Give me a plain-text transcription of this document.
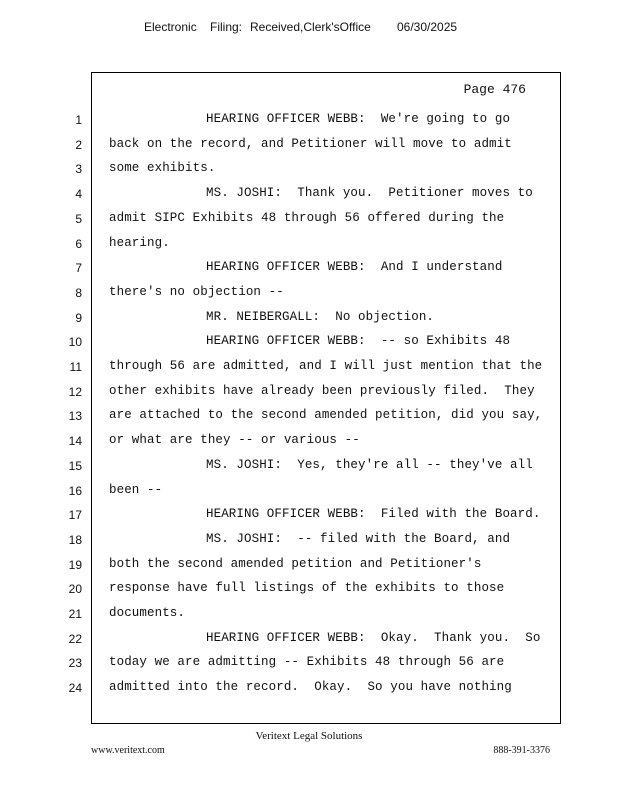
Electronic Filing: Received,Clerk'sOffice 06/30/2025
Page 476
1	HEARING OFFICER WEBB:  We're going to go
2 back on the record, and Petitioner will move to admit
3 some exhibits.
4	MS. JOSHI:  Thank you.  Petitioner moves to
5 admit SIPC Exhibits 48 through 56 offered during the
6 hearing.
7	HEARING OFFICER WEBB:  And I understand
8 there's no objection --
9	MR. NEIBERGALL:  No objection.
10	HEARING OFFICER WEBB:  -- so Exhibits 48
11 through 56 are admitted, and I will just mention that the
12 other exhibits have already been previously filed.  They
13 are attached to the second amended petition, did you say,
14 or what are they -- or various --
15	MS. JOSHI:  Yes, they're all -- they've all
16 been --
17	HEARING OFFICER WEBB:  Filed with the Board.
18	MS. JOSHI:  -- filed with the Board, and
19 both the second amended petition and Petitioner's
20 response have full listings of the exhibits to those
21 documents.
22	HEARING OFFICER WEBB:  Okay.  Thank you.  So
23 today we are admitting -- Exhibits 48 through 56 are
24 admitted into the record.  Okay.  So you have nothing
Veritext Legal Solutions
www.veritext.com	888-391-3376
